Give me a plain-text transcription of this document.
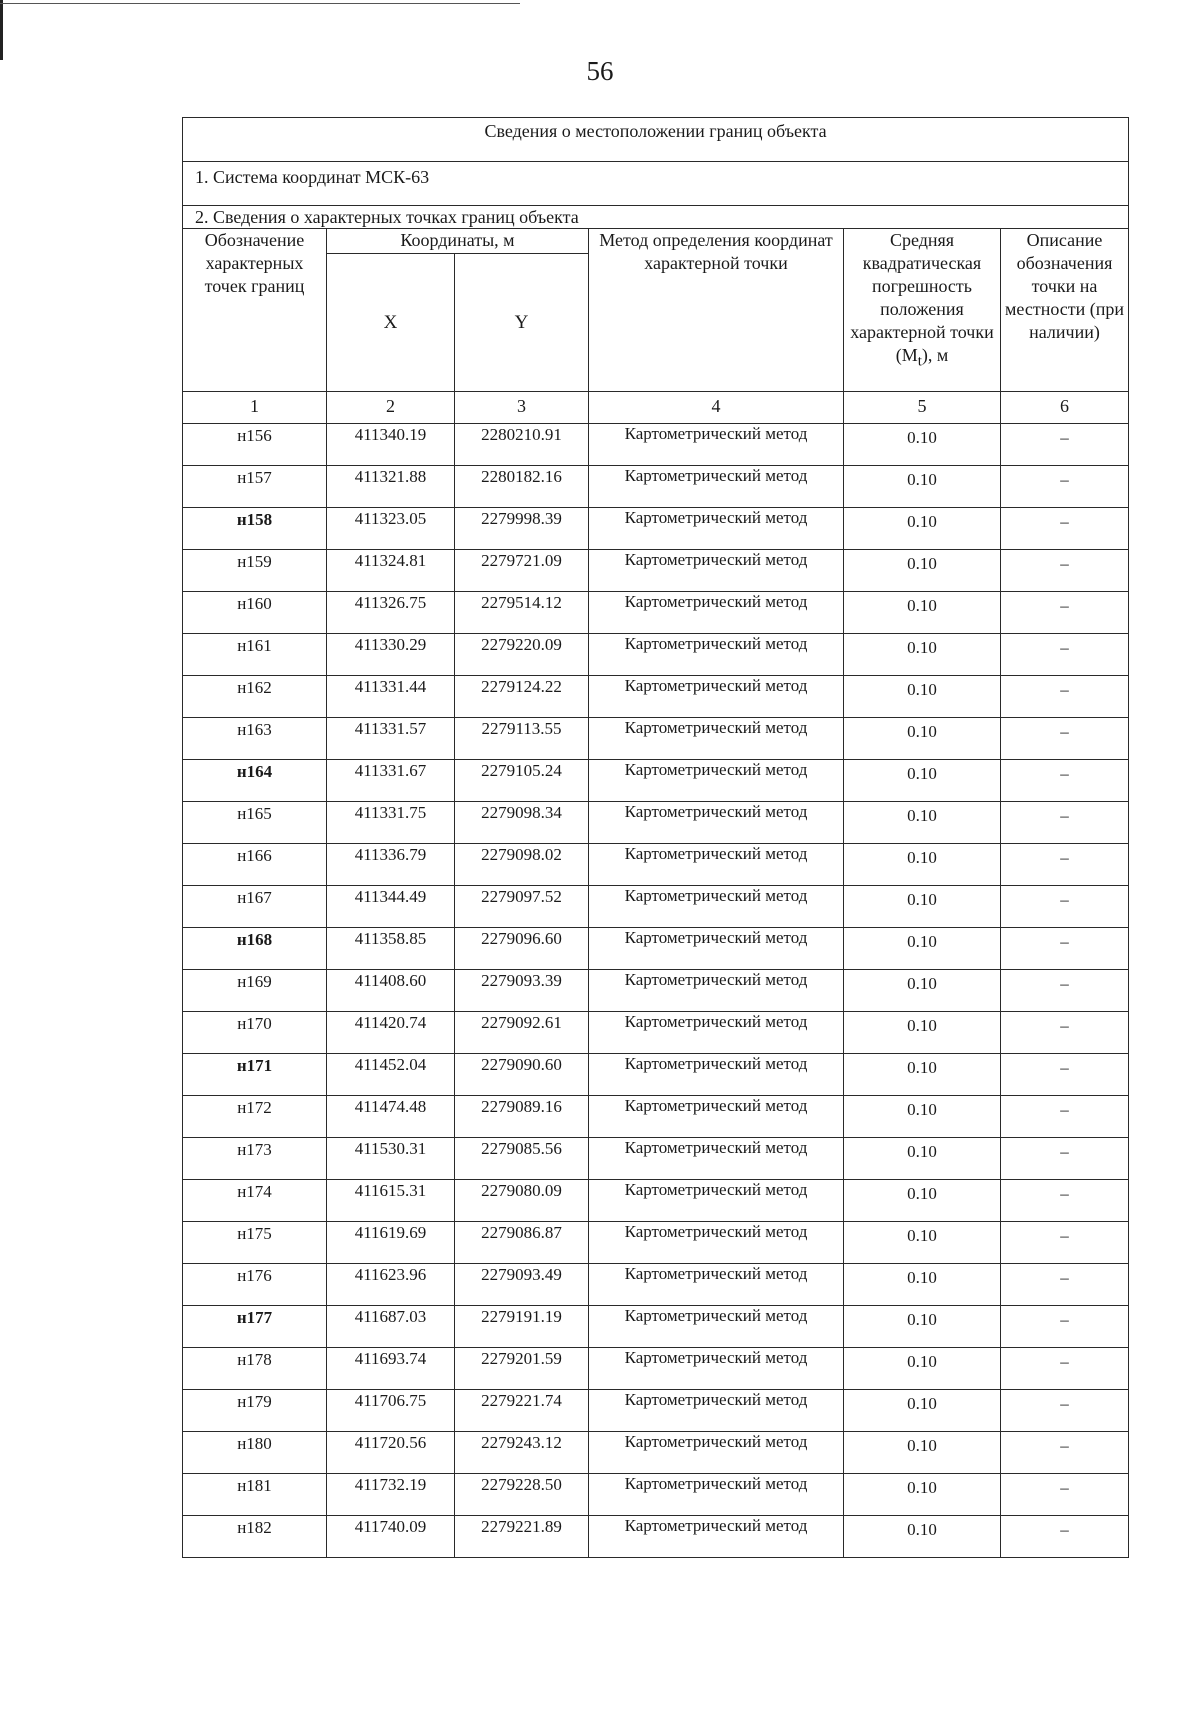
56
Сведения о местоположении границ объекта					
1. Система координат МСК-63					
2. Сведения о характерных точках границ объекта					
Обозначение характерных точек границ	Координаты, м		Метод определения координат характерной точки	Средняя квадратическая погрешность положения характерной точки $(M_t)$, м	Описание обозначения точки на местности (при наличии)
	X	Y			
1	2	3	4	5	6
н156	411340.19	2280210.91	Картометрический метод	0.10	–
н157	411321.88	2280182.16	Картометрический метод	0.10	–
н158	411323.05	2279998.39	Картометрический метод	0.10	–
н159	411324.81	2279721.09	Картометрический метод	0.10	–
н160	411326.75	2279514.12	Картометрический метод	0.10	–
н161	411330.29	2279220.09	Картометрический метод	0.10	–
н162	411331.44	2279124.22	Картометрический метод	0.10	–
н163	411331.57	2279113.55	Картометрический метод	0.10	–
н164	411331.67	2279105.24	Картометрический метод	0.10	–
н165	411331.75	2279098.34	Картометрический метод	0.10	–
н166	411336.79	2279098.02	Картометрический метод	0.10	–
н167	411344.49	2279097.52	Картометрический метод	0.10	–
н168	411358.85	2279096.60	Картометрический метод	0.10	–
н169	411408.60	2279093.39	Картометрический метод	0.10	–
н170	411420.74	2279092.61	Картометрический метод	0.10	–
н171	411452.04	2279090.60	Картометрический метод	0.10	–
н172	411474.48	2279089.16	Картометрический метод	0.10	–
н173	411530.31	2279085.56	Картометрический метод	0.10	–
н174	411615.31	2279080.09	Картометрический метод	0.10	–
н175	411619.69	2279086.87	Картометрический метод	0.10	–
н176	411623.96	2279093.49	Картометрический метод	0.10	–
н177	411687.03	2279191.19	Картометрический метод	0.10	–
н178	411693.74	2279201.59	Картометрический метод	0.10	–
н179	411706.75	2279221.74	Картометрический метод	0.10	–
н180	411720.56	2279243.12	Картометрический метод	0.10	–
н181	411732.19	2279228.50	Картометрический метод	0.10	–
н182	411740.09	2279221.89	Картометрический метод	0.10	–
